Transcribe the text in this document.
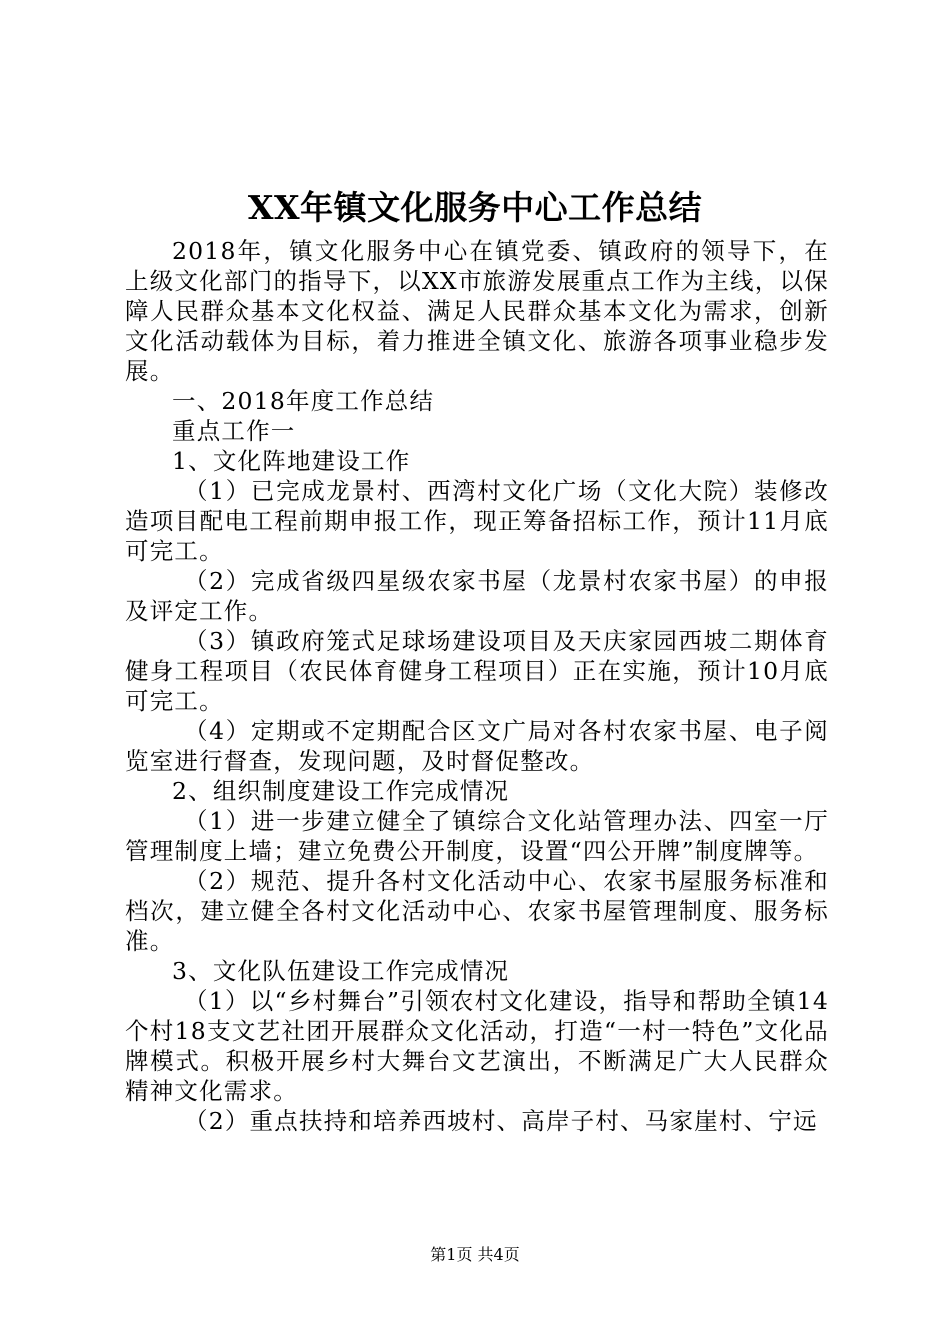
XX年镇文化服务中心工作总结

2018年，镇文化服务中心在镇党委、镇政府的领导下，在上级文化部门的指导下，以XX市旅游发展重点工作为主线，以保障人民群众基本文化权益、满足人民群众基本文化为需求，创新文化活动载体为目标，着力推进全镇文化、旅游各项事业稳步发展。

一、2018年度工作总结

重点工作一

1、文化阵地建设工作

（1）已完成龙景村、西湾村文化广场（文化大院）装修改造项目配电工程前期申报工作，现正筹备招标工作，预计11月底可完工。

（2）完成省级四星级农家书屋（龙景村农家书屋）的申报及评定工作。

（3）镇政府笼式足球场建设项目及天庆家园西坡二期体育健身工程项目（农民体育健身工程项目）正在实施，预计10月底可完工。

（4）定期或不定期配合区文广局对各村农家书屋、电子阅览室进行督查，发现问题，及时督促整改。

2、组织制度建设工作完成情况

（1）进一步建立健全了镇综合文化站管理办法、四室一厅管理制度上墙；建立免费公开制度，设置“四公开牌”制度牌等。

（2）规范、提升各村文化活动中心、农家书屋服务标准和档次，建立健全各村文化活动中心、农家书屋管理制度、服务标准。

3、文化队伍建设工作完成情况

（1）以“乡村舞台”引领农村文化建设，指导和帮助全镇14个村18支文艺社团开展群众文化活动，打造“一村一特色”文化品牌模式。积极开展乡村大舞台文艺演出，不断满足广大人民群众精神文化需求。

（2）重点扶持和培养西坡村、高岸子村、马家崖村、宁远

第1页 共4页
